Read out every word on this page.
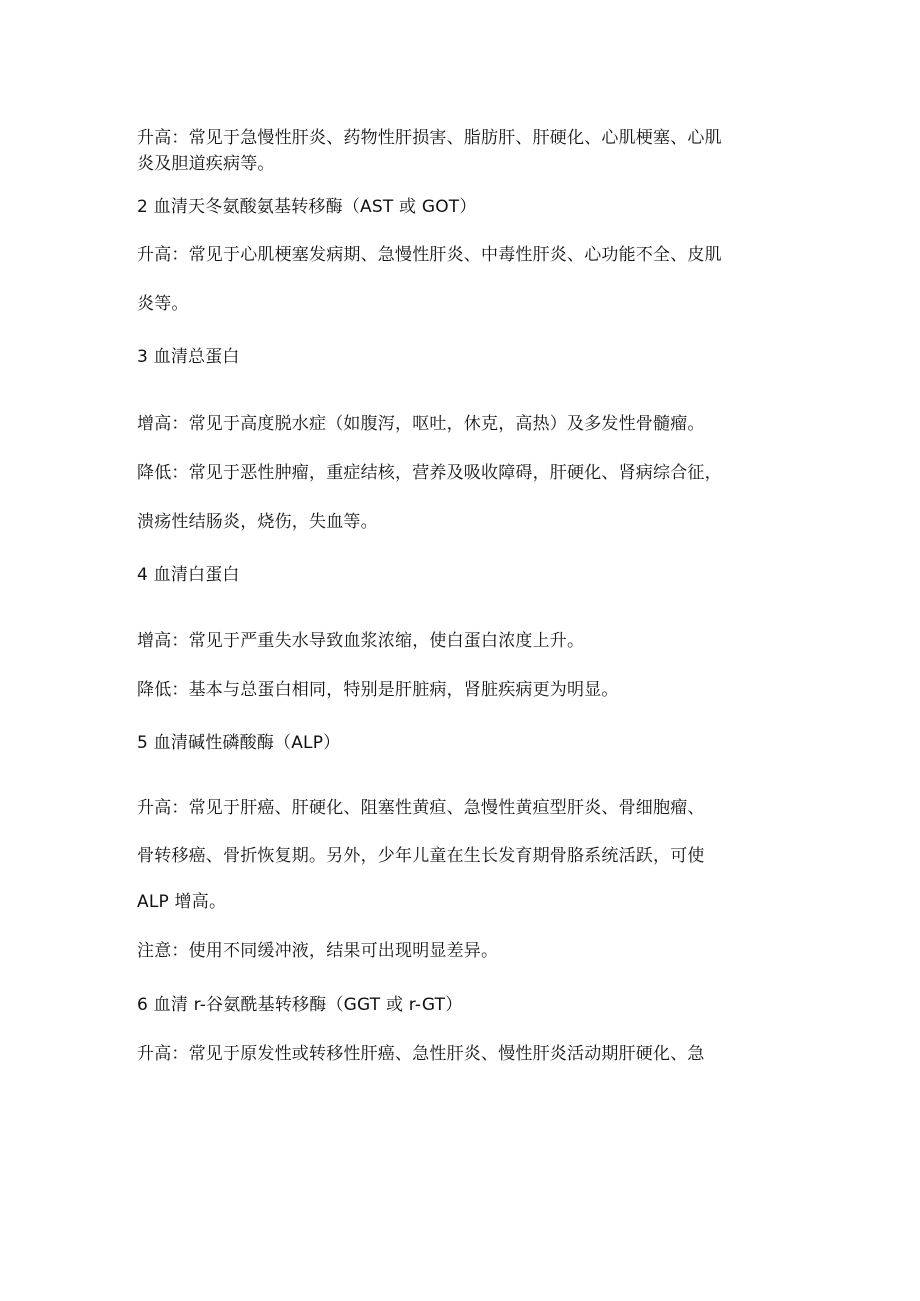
升高：常见于急慢性肝炎、药物性肝损害、脂肪肝、肝硬化、心肌梗塞、心肌
炎及胆道疾病等。
2 血清天冬氨酸氨基转移酶（AST 或 GOT）
升高：常见于心肌梗塞发病期、急慢性肝炎、中毒性肝炎、心功能不全、皮肌
炎等。
3 血清总蛋白
增高：常见于高度脱水症（如腹泻，呕吐，休克，高热）及多发性骨髓瘤。
降低：常见于恶性肿瘤，重症结核，营养及吸收障碍，肝硬化、肾病综合征，
溃疡性结肠炎，烧伤，失血等。
4 血清白蛋白
增高：常见于严重失水导致血浆浓缩，使白蛋白浓度上升。
降低：基本与总蛋白相同，特别是肝脏病，肾脏疾病更为明显。
5 血清碱性磷酸酶（ALP）
升高：常见于肝癌、肝硬化、阻塞性黄疸、急慢性黄疸型肝炎、骨细胞瘤、
骨转移癌、骨折恢复期。另外，少年儿童在生长发育期骨胳系统活跃，可使
ALP 增高。
注意：使用不同缓冲液，结果可出现明显差异。
6 血清 r-谷氨酰基转移酶（GGT 或 r-GT）
升高：常见于原发性或转移性肝癌、急性肝炎、慢性肝炎活动期肝硬化、急
